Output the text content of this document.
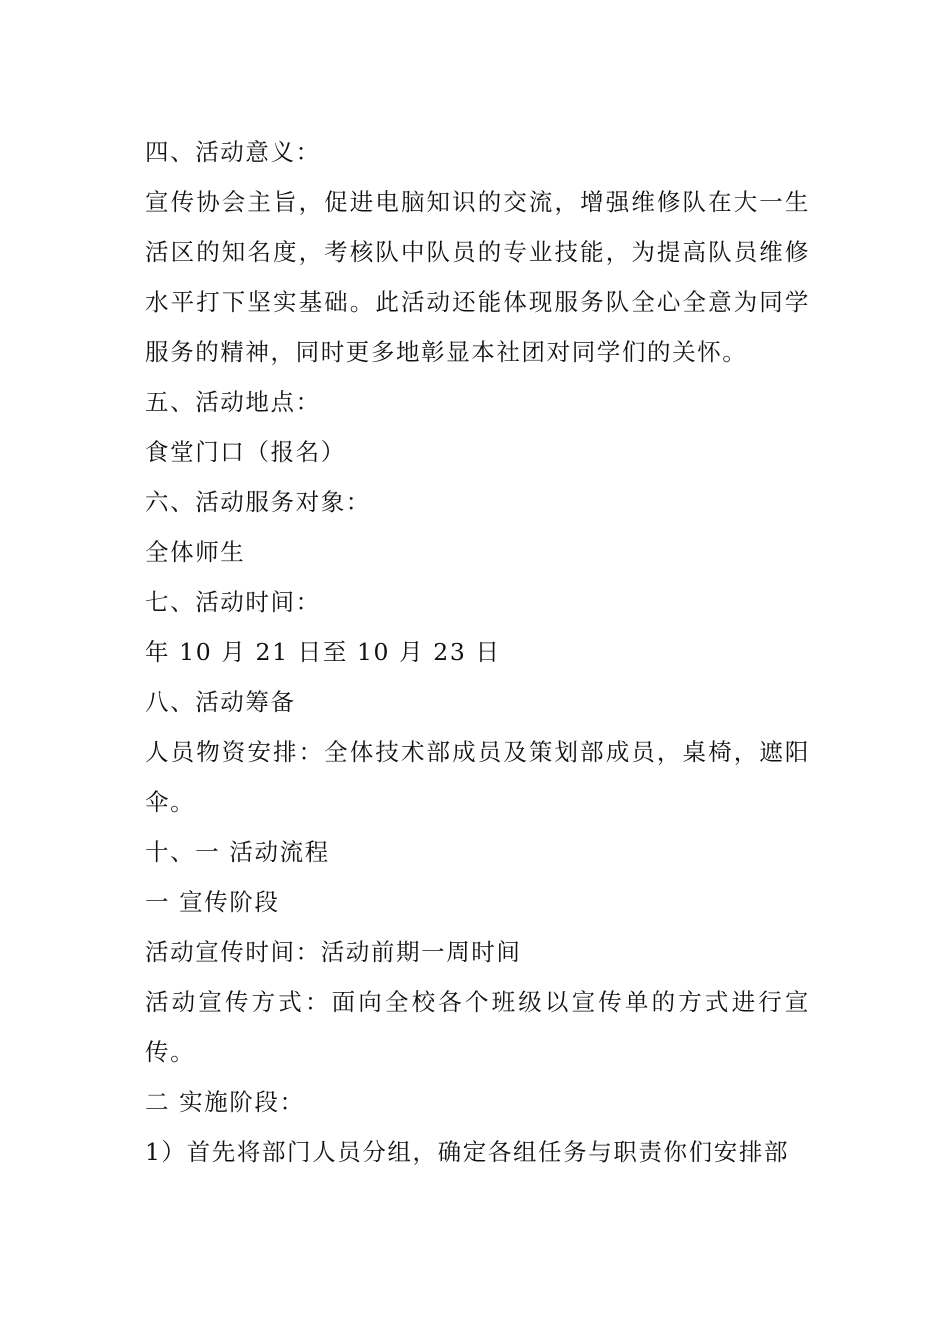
四、活动意义：

宣传协会主旨，促进电脑知识的交流，增强维修队在大一生活区的知名度，考核队中队员的专业技能，为提高队员维修水平打下坚实基础。此活动还能体现服务队全心全意为同学服务的精神，同时更多地彰显本社团对同学们的关怀。

五、活动地点：

食堂门口（报名）

六、活动服务对象：

全体师生

七、活动时间：

年 10 月 21 日至 10 月 23 日

八、活动筹备

人员物资安排：全体技术部成员及策划部成员，桌椅，遮阳伞。

十、一 活动流程

一 宣传阶段

活动宣传时间：活动前期一周时间

活动宣传方式：面向全校各个班级以宣传单的方式进行宣传。

二 实施阶段：

1）首先将部门人员分组，确定各组任务与职责你们安排部
